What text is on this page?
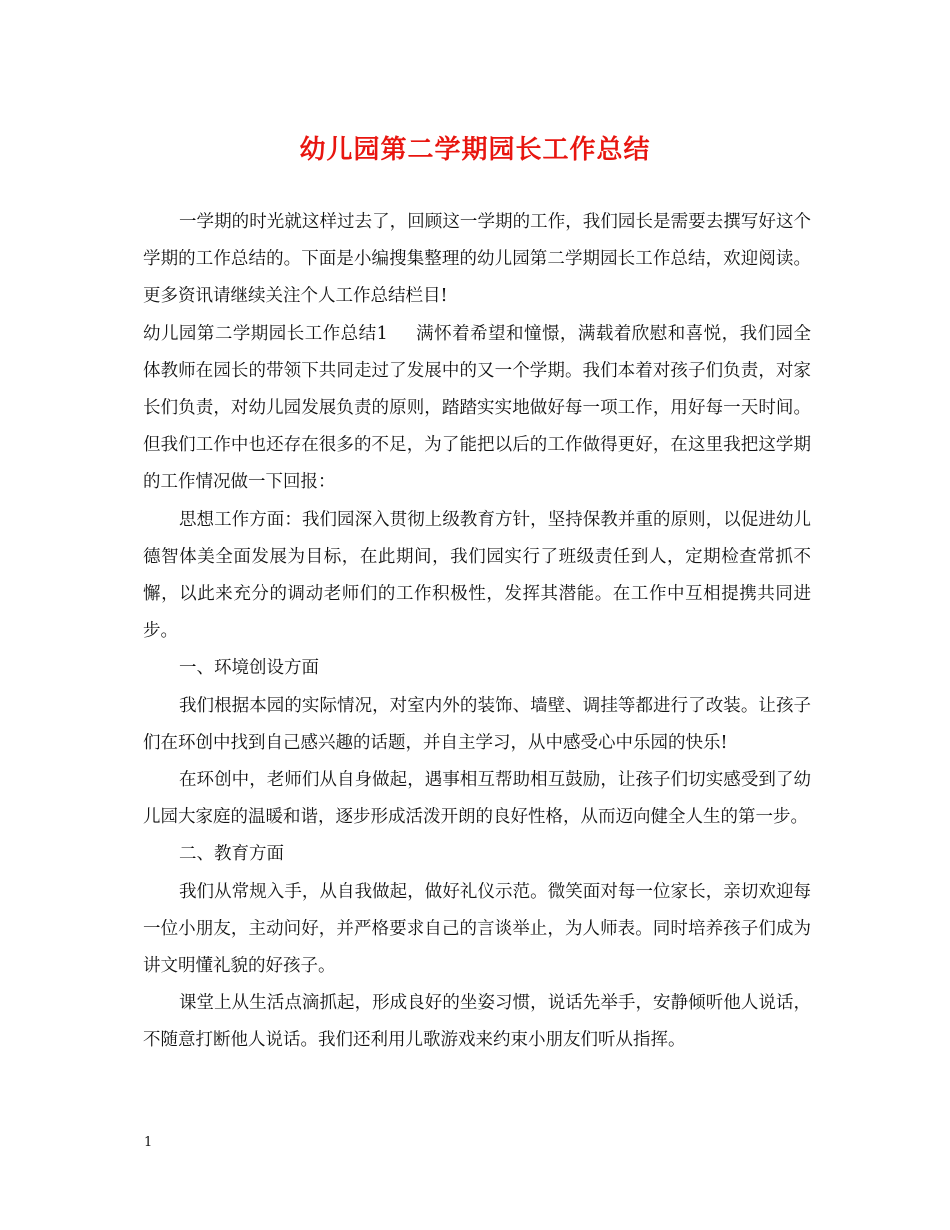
幼儿园第二学期园长工作总结

一学期的时光就这样过去了，回顾这一学期的工作，我们园长是需要去撰写好这个学期的工作总结的。下面是小编搜集整理的幼儿园第二学期园长工作总结，欢迎阅读。更多资讯请继续关注个人工作总结栏目!

幼儿园第二学期园长工作总结1 满怀着希望和憧憬，满载着欣慰和喜悦，我们园全体教师在园长的带领下共同走过了发展中的又一个学期。我们本着对孩子们负责，对家长们负责，对幼儿园发展负责的原则，踏踏实实地做好每一项工作，用好每一天时间。但我们工作中也还存在很多的不足，为了能把以后的工作做得更好，在这里我把这学期的工作情况做一下回报：

思想工作方面：我们园深入贯彻上级教育方针，坚持保教并重的原则，以促进幼儿德智体美全面发展为目标，在此期间，我们园实行了班级责任到人，定期检查常抓不懈，以此来充分的调动老师们的工作积极性，发挥其潜能。在工作中互相提携共同进步。

一、环境创设方面

我们根据本园的实际情况，对室内外的装饰、墙壁、调挂等都进行了改装。让孩子们在环创中找到自己感兴趣的话题，并自主学习，从中感受心中乐园的快乐!

在环创中，老师们从自身做起，遇事相互帮助相互鼓励，让孩子们切实感受到了幼儿园大家庭的温暖和谐，逐步形成活泼开朗的良好性格，从而迈向健全人生的第一步。

二、教育方面

我们从常规入手，从自我做起，做好礼仪示范。微笑面对每一位家长，亲切欢迎每一位小朋友，主动问好，并严格要求自己的言谈举止，为人师表。同时培养孩子们成为讲文明懂礼貌的好孩子。

课堂上从生活点滴抓起，形成良好的坐姿习惯，说话先举手，安静倾听他人说话，不随意打断他人说话。我们还利用儿歌游戏来约束小朋友们听从指挥。

1
